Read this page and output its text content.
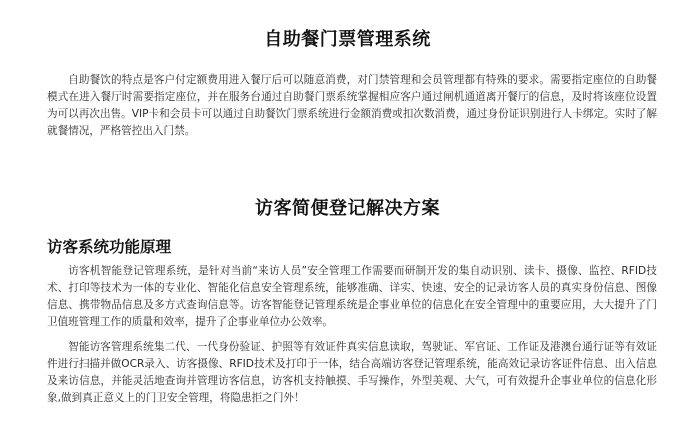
自助餐门票管理系统

自助餐饮的特点是客户付定额费用进入餐厅后可以随意消费，对门禁管理和会员管理都有特殊的要求。需要指定座位的自助餐模式在进入餐厅时需要指定座位，并在服务台通过自助餐门票系统掌握相应客户通过闸机通道离开餐厅的信息，及时将该座位设置为可以再次出售。VIP卡和会员卡可以通过自助餐饮门票系统进行金额消费或扣次数消费，通过身份证识别进行人卡绑定。实时了解就餐情况，严格管控出入门禁。

访客简便登记解决方案
访客系统功能原理

访客机智能登记管理系统，是针对当前“来访人员”安全管理工作需要而研制开发的集自动识别、读卡、摄像、监控、RFID技术、打印等技术为一体的专业化、智能化信息安全管理系统，能够准确、详实、快速、安全的记录访客人员的真实身份信息、图像信息、携带物品信息及多方式查询信息等。访客智能登记管理系统是企事业单位的信息化在安全管理中的重要应用，大大提升了门卫值班管理工作的质量和效率，提升了企事业单位办公效率。

智能访客管理系统集二代、一代身份验证、护照等有效证件真实信息读取，驾驶证、军官证、工作证及港澳台通行证等有效证件进行扫描并做OCR录入、访客摄像、RFID技术及打印于一体，结合高端访客登记管理系统，能高效记录访客证件信息、出入信息及来访信息，并能灵活地查询并管理访客信息，访客机支持触摸、手写操作，外型美观、大气，可有效提升企事业单位的信息化形象,做到真正意义上的门卫安全管理，将隐患拒之门外！
